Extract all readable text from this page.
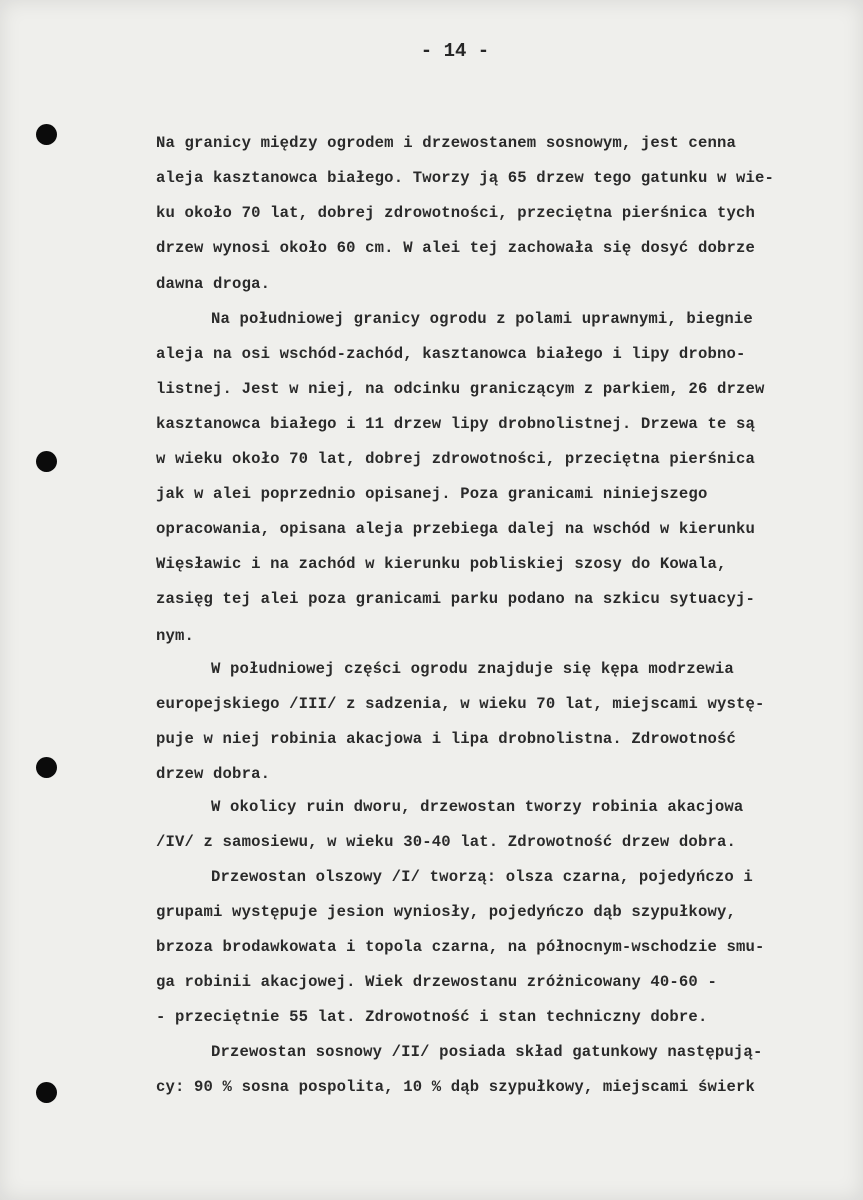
- 14 -

Na granicy między ogrodem i drzewostanem sosnowym, jest cenna

aleja kasztanowca białego. Tworzy ją 65 drzew tego gatunku w wie-

ku około 70 lat, dobrej zdrowotności, przeciętna pierśnica tych

drzew wynosi około 60 cm. W alei tej zachowała się dosyć dobrze

dawna droga.

Na południowej granicy ogrodu z polami uprawnymi, biegnie

aleja na osi wschód-zachód, kasztanowca białego i lipy drobno-

listnej. Jest w niej, na odcinku graniczącym z parkiem, 26 drzew

kasztanowca białego i 11 drzew lipy drobnolistnej. Drzewa te są

w wieku około 70 lat, dobrej zdrowotności, przeciętna pierśnica

jak w alei poprzednio opisanej. Poza granicami niniejszego

opracowania, opisana aleja przebiega dalej na wschód w kierunku

Więsławic i na zachód w kierunku pobliskiej szosy do Kowala,

zasięg tej alei poza granicami parku podano na szkicu sytuacyj-

nym.

W południowej części ogrodu znajduje się kępa modrzewia

europejskiego /III/ z sadzenia, w wieku 70 lat, miejscami wystę-

puje w niej robinia akacjowa i lipa drobnolistna. Zdrowotność

drzew dobra.

W okolicy ruin dworu, drzewostan tworzy robinia akacjowa

/IV/ z samosiewu, w wieku 30-40 lat. Zdrowotność drzew dobra.

Drzewostan olszowy /I/ tworzą: olsza czarna, pojedyńczo i

grupami występuje jesion wyniosły, pojedyńczo dąb szypułkowy,

brzoza brodawkowata i topola czarna, na północnym-wschodzie smu-

ga robinii akacjowej. Wiek drzewostanu zróżnicowany 40-60 -

- przeciętnie 55 lat. Zdrowotność i stan techniczny dobre.

Drzewostan sosnowy /II/ posiada skład gatunkowy następują-

cy: 90 % sosna pospolita, 10 % dąb szypułkowy, miejscami świerk
